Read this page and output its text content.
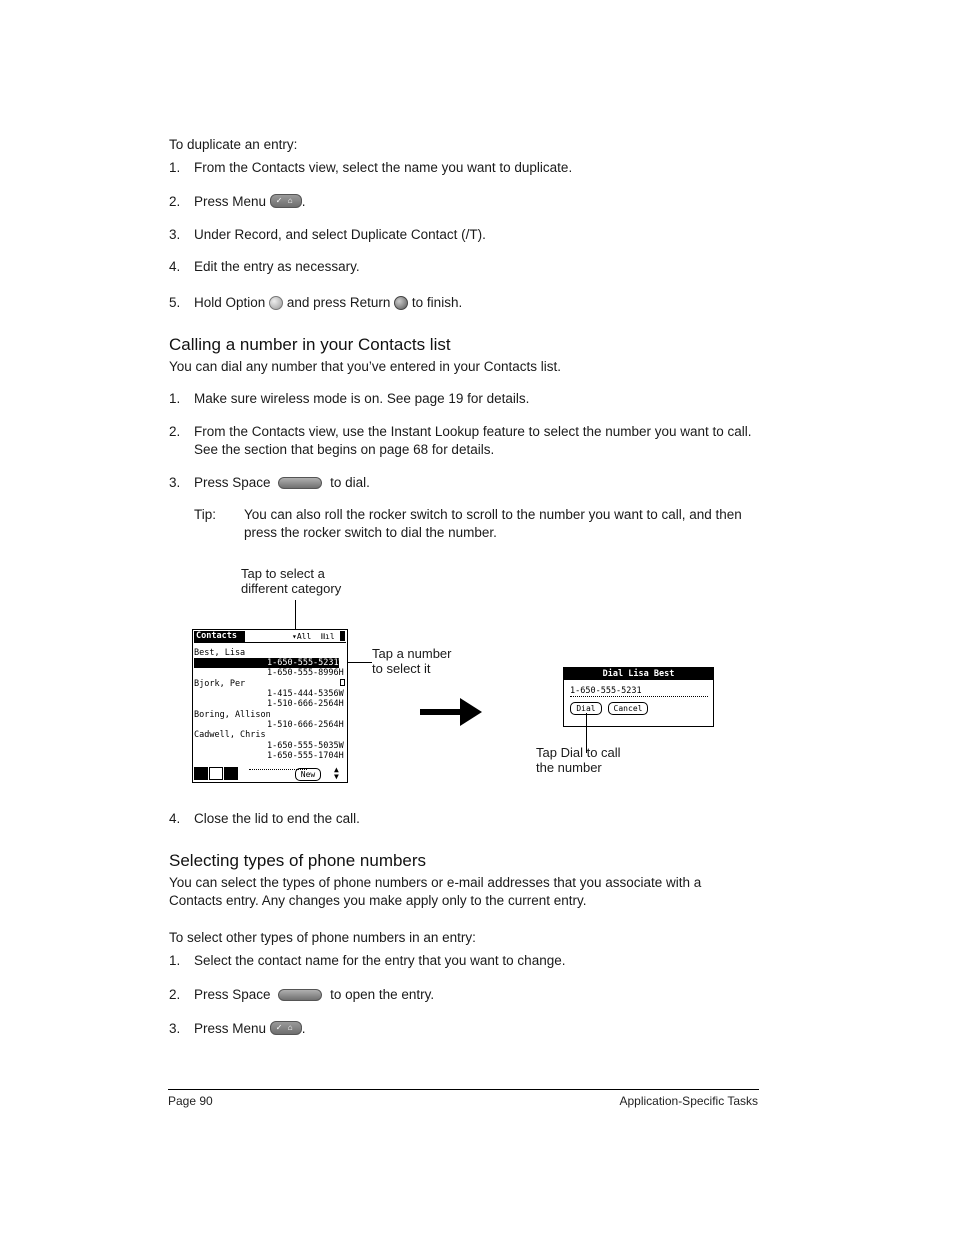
To duplicate an entry:
1. From the Contacts view, select the name you want to duplicate.
2. Press Menu ✓ ⌂ .
3. Under Record, and select Duplicate Contact (/T).
4. Edit the entry as necessary.
5. Hold Option and press Return to finish.
Calling a number in your Contacts list
You can dial any number that you’ve entered in your Contacts list.
1. Make sure wireless mode is on. See page 19 for details.
2. From the Contacts view, use the Instant Lookup feature to select the number you want to call.
See the section that begins on page 68 for details.
3. Press Space	to dial.
Tip: You can also roll the rocker switch to scroll to the number you want to call, and then
press the rocker switch to dial the number.
Tap to select a
different category
Tap a number
to select it
Contacts	▾All 𝍫ıl
Best, Lisa
1-650-555-5231W
1-650-555-8996H
Bjork, Per
1-415-444-5356W
1-510-666-2564H
Boring, Allison
1-510-666-2564H
Cadwell, Chris
1-650-555-5035W
1-650-555-1704H
New
▲
▼
Dial Lisa Best
1-650-555-5231
Dial	Cancel
Tap Dial to call
the number
4. Close the lid to end the call.
Selecting types of phone numbers
You can select the types of phone numbers or e-mail addresses that you associate with a
Contacts entry. Any changes you make apply only to the current entry.
To select other types of phone numbers in an entry:
1. Select the contact name for the entry that you want to change.
2. Press Space	to open the entry.
3. Press Menu ✓ ⌂ .
Page 90	Application-Specific Tasks
